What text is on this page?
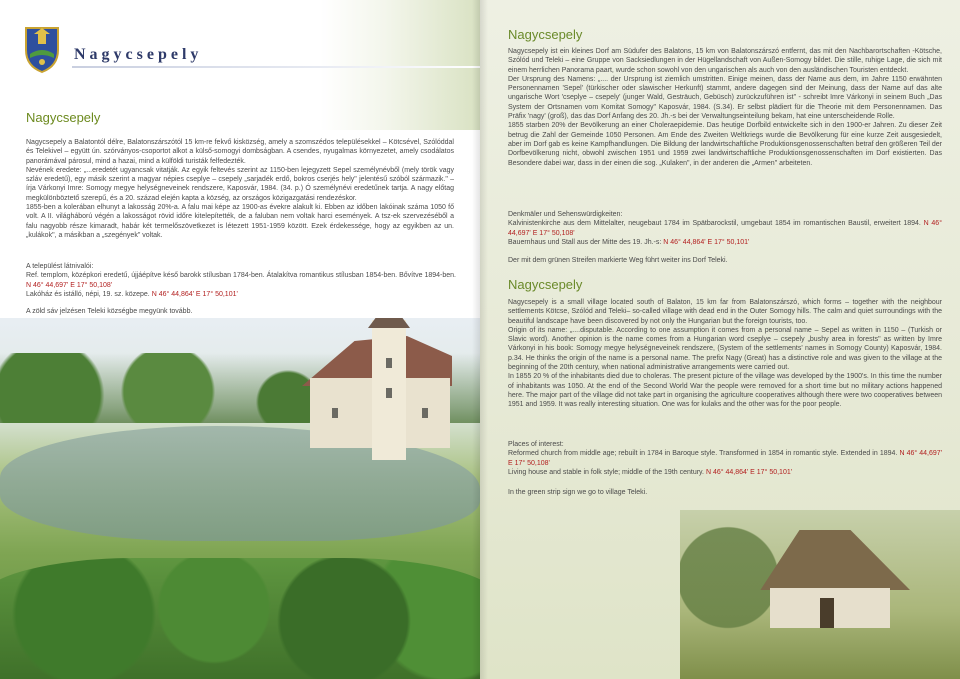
Nagycsepely
Nagycsepely

Nagycsepely a Balatontól délre, Balatonszárszótól 15 km-re fekvő kisközség, amely a szomszédos településekkel – Kötcsével, Szólóddal és Telekivel – együtt ún. szórványos-csoportot alkot a külső-somogyi dombságban. A csendes, nyugalmas környezetet, amely csodálatos panorámával párosul, mind a hazai, mind a külföldi turisták felfedezték.

Nevének eredete: „...eredetét ugyancsak vitatják. Az egyik feltevés szerint az 1150-ben lejegyzett Sepel személynévből (mely török vagy szláv eredetű), egy másik szerint a magyar népies cseplye – csepely „sarjadék erdő, bokros cserjés hely" jelentésű szóból származik." – írja Várkonyi Imre: Somogy megye helységneveinek rendszere, Kaposvár, 1984. (34. p.) Ó személynévi eredetűnek tartja. A nagy előtag megkülönböztető szerepű, és a 20. század elején kapta a község, az országos közigazgatási rendezéskor.

1855-ben a kolerában elhunyt a lakosság 20%-a. A falu mai képe az 1900-as évekre alakult ki. Ebben az időben lakóinak száma 1050 fő volt. A II. világháború végén a lakosságot rövid időre kitelepítették, de a faluban nem voltak harci események. A tsz-ek szervezéséből a falu nagyobb része kimaradt, habár két termelőszövetkezet is létezett 1951-1959 között. Ezek érdekessége, hogy az egyikben az un. „kulákok", a másikban a „szegények" voltak.

A települést látnivalói:

Ref. templom, középkori eredetű, újjáépítve késő barokk stílusban 1784-ben. Átalakítva romantikus stílusban 1854-ben. Bővítve 1894-ben. N 46° 44,697' E 17° 50,108'

Lakóház és istálló, népi, 19. sz. közepe. N 46° 44,864' E 17° 50,101'

A zöld sáv jelzésen Teleki községbe megyünk tovább.
Nagycsepely

Nagycsepely ist ein kleines Dorf am Südufer des Balatons, 15 km von Balatonszárszó entfernt, das mit den Nachbarortschaften -Kötsche, Szólód und Teleki – eine Gruppe von Sacksiedlungen in der Hügellandschaft von Außen-Somogy bildet. Die stille, ruhige Lage, die sich mit einem herrlichen Panorama paart, wurde schon sowohl von den ungarischen als auch von den ausländischen Touristen entdeckt.

Der Ursprung des Namens: „.... der Ursprung ist ziemlich umstritten. Einige meinen, dass der Name aus dem, im Jahre 1150 erwähnten Personennamen 'Sepel' (türkischer oder slawischer Herkunft) stammt, andere dagegen sind der Meinung, dass der Name auf das alte ungarische Wort 'cseplye – csepely' (junger Wald, Gesträuch, Gebüsch) zurückzuführen ist" - schreibt Imre Várkonyi in seinem Buch „Das System der Ortsnamen vom Komitat Somogy" Kaposvár, 1984. (S.34). Er selbst plädiert für die Theorie mit dem Personennamen. Das Präfix 'nagy' (groß), das das Dorf Anfang des 20. Jh.-s bei der Verwaltungseinteilung bekam, hat eine unterscheidende Rolle.

1855 starben 20% der Bevölkerung an einer Choleraepidemie. Das heutige Dorfbild entwickelte sich in den 1900-er Jahren. Zu dieser Zeit betrug die Zahl der Gemeinde 1050 Personen. Am Ende des Zweiten Weltkriegs wurde die Bevölkerung für eine kurze Zeit ausgesiedelt, aber im Dorf gab es keine Kampfhandlungen. Die Bildung der landwirtschaftliche Produktionsgenossenschaften betraf den größeren Teil der Dorfbevölkerung nicht, obwohl zwischen 1951 und 1959 zwei landwirtschaftliche Produktionsgenossenschaften im Dorf existierten. Das Besondere dabei war, dass in der einen die sog. „Kulaken", in der anderen die „Armen" arbeiteten.

Denkmäler und Sehenswürdigkeiten:

Kalvinistenkirche aus dem Mittelalter, neugebaut 1784 im Spätbarockstil, umgebaut 1854 im romantischen Baustil, erweitert 1894. N 46° 44,697' E 17° 50,108'

Bauernhaus und Stall aus der Mitte des 19. Jh.-s: N 46° 44,864' E 17° 50,101'

Der mit dem grünen Streifen markierte Weg führt weiter ins Dorf Teleki.
Nagycsepely

Nagycsepely is a small village located south of Balaton, 15 km far from Balatonszárszó, which forms – together with the neighbour settlements Kötcse, Szólód and Teleki– so-called village with dead end in the Outer Somogy hills. The calm and quiet surroundings with the beautiful landscape have been discovered by not only the Hungarian but the foreign tourists, too.

Origin of its name: „....disputable. According to one assumption it comes from a personal name – Sepel as written in 1150 – (Turkish or Slavic word). Another opinion is the name comes from a Hungarian word cseplye – csepely „bushy area in forests" as written by Imre Várkonyi in his book: Somogy megye helységneveinek rendszere, (System of the settlements' names in Somogy County) Kaposvár, 1984. p.34. He thinks the origin of the name is a personal name. The prefix Nagy (Great) has a distinctive role and was given to the village at the beginning of the 20th century, when national administrative arrangements were carried out.

In 1855 20 % of the inhabitants died due to choleras. The present picture of the village was developed by the 1900's. In this time the number of inhabitants was 1050. At the end of the Second World War the people were removed for a short time but no military actions happened here. The major part of the village did not take part in organising the agriculture cooperatives although there were two cooperatives between 1951 and 1959. It was really interesting situation. One was for kulaks and the other was for the poor people.

Places of interest:

Reformed church from middle age; rebuilt in 1784 in Baroque style. Transformed in 1854 in romantic style. Extended in 1894. N 46° 44,697' E 17° 50,108'

Living house and stable in folk style; middle of the 19th century. N 46° 44,864' E 17° 50,101'

In the green strip sign we go to village Teleki.
